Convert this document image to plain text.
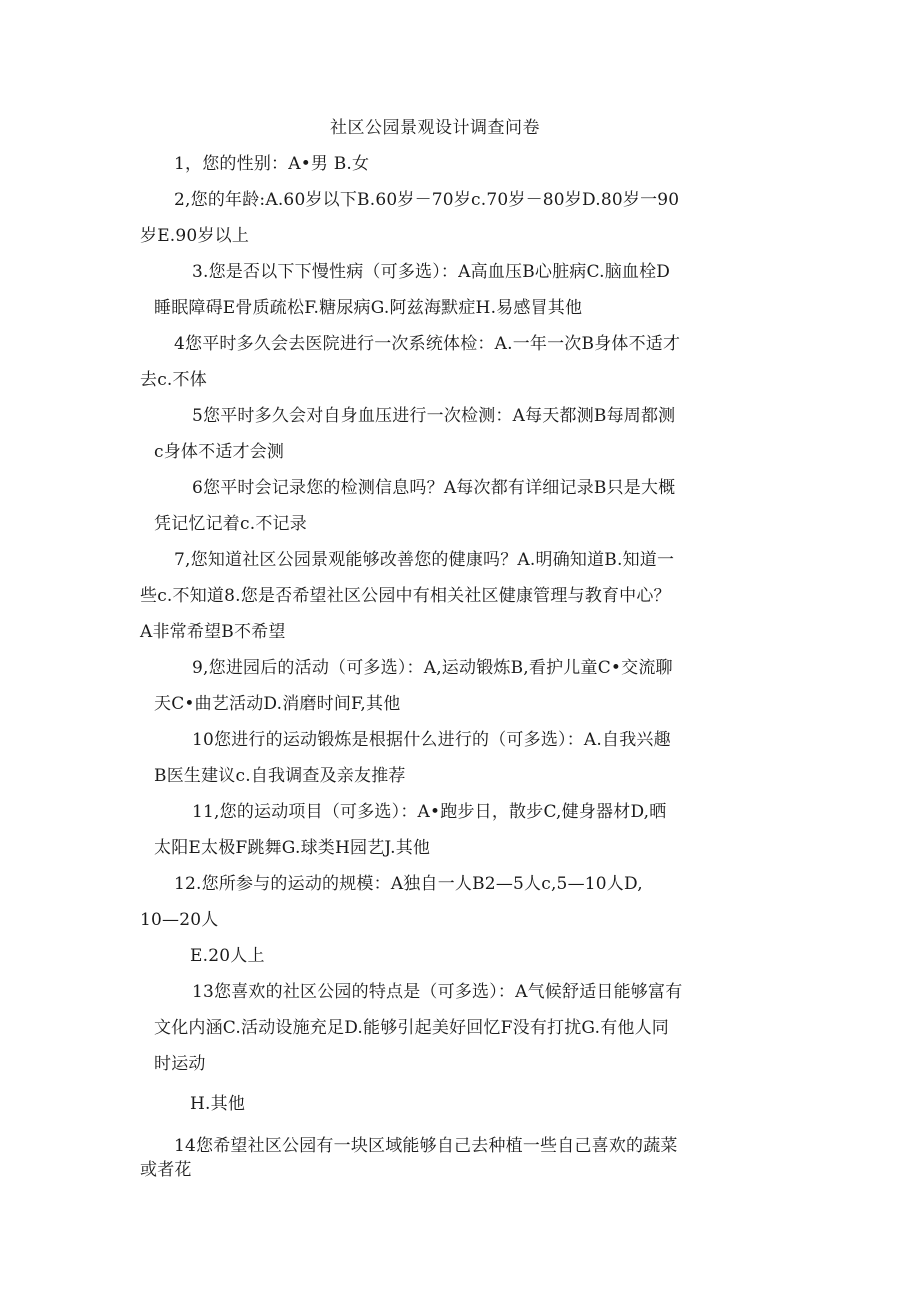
社区公园景观设计调查问卷
1，您的性别：A•男 B.女
2,您的年龄:A.60岁以下B.60岁－70岁c.70岁－80岁D.80岁一90
岁E.90岁以上
3.您是否以下下慢性病（可多选）：A高血压B心脏病C.脑血栓D
睡眠障碍E骨质疏松F.糖尿病G.阿兹海默症H.易感冒其他
4您平时多久会去医院进行一次系统体检：A.一年一次B身体不适才
去c.不体
5您平时多久会对自身血压进行一次检测：A每天都测B每周都测
c身体不适才会测
6您平时会记录您的检测信息吗？A每次都有详细记录B只是大概
凭记忆记着c.不记录
7,您知道社区公园景观能够改善您的健康吗？A.明确知道B.知道一
些c.不知道8.您是否希望社区公园中有相关社区健康管理与教育中心？
A非常希望B不希望
9,您进园后的活动（可多选）：A,运动锻炼B,看护儿童C•交流聊
天C•曲艺活动D.消磨时间F,其他
10您进行的运动锻炼是根据什么进行的（可多选）：A.自我兴趣
B医生建议c.自我调查及亲友推荐
11,您的运动项目（可多选）：A•跑步日，散步C,健身器材D,晒
太阳E太极F跳舞G.球类H园艺J.其他
12.您所参与的运动的规模：A独自一人B2—5人c,5—10人D,
10—20人
E.20人上
13您喜欢的社区公园的特点是（可多选）：A气候舒适日能够富有
文化内涵C.活动设施充足D.能够引起美好回忆F没有打扰G.有他人同
时运动
H.其他
14您希望社区公园有一块区域能够自己去种植一些自己喜欢的蔬菜
或者花
